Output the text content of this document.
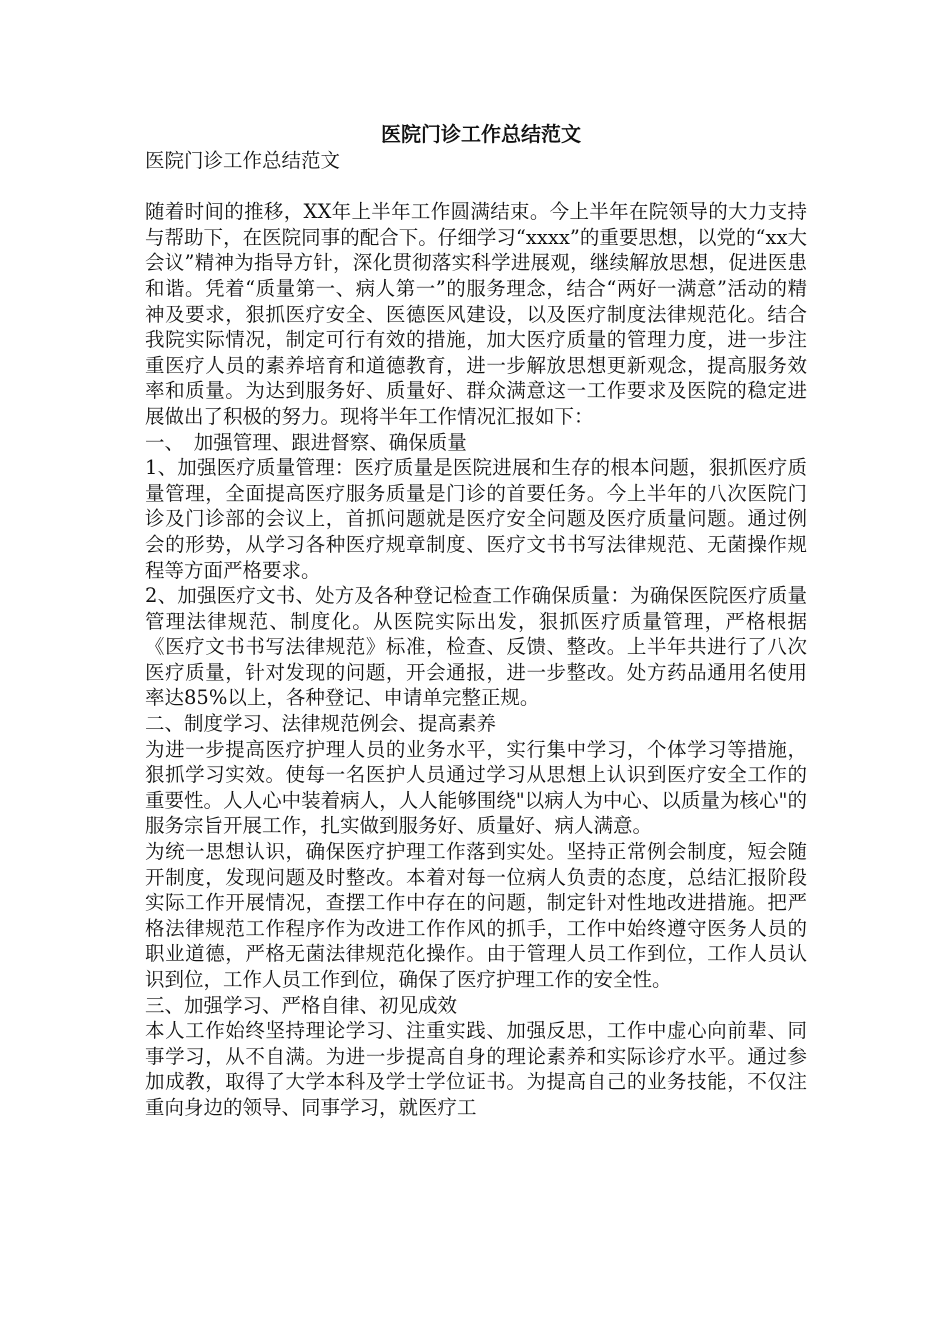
医院门诊工作总结范文

医院门诊工作总结范文

随着时间的推移，XX年上半年工作圆满结束。今上半年在院领导的大力支持与帮助下，在医院同事的配合下。仔细学习“xxxx”的重要思想，以党的“xx大会议”精神为指导方针，深化贯彻落实科学进展观，继续解放思想，促进医患和谐。凭着“质量第一、病人第一”的服务理念，结合“两好一满意”活动的精神及要求，狠抓医疗安全、医德医风建设，以及医疗制度法律规范化。结合我院实际情况，制定可行有效的措施，加大医疗质量的管理力度，进一步注重医疗人员的素养培育和道德教育，进一步解放思想更新观念，提高服务效率和质量。为达到服务好、质量好、群众满意这一工作要求及医院的稳定进展做出了积极的努力。现将半年工作情况汇报如下：

一、　加强管理、跟进督察、确保质量

1、加强医疗质量管理：医疗质量是医院进展和生存的根本问题，狠抓医疗质量管理，全面提高医疗服务质量是门诊的首要任务。今上半年的八次医院门诊及门诊部的会议上，首抓问题就是医疗安全问题及医疗质量问题。通过例会的形势，从学习各种医疗规章制度、医疗文书书写法律规范、无菌操作规程等方面严格要求。

2、加强医疗文书、处方及各种登记检查工作确保质量：为确保医院医疗质量管理法律规范、制度化。从医院实际出发，狠抓医疗质量管理，严格根据《医疗文书书写法律规范》标准，检查、反馈、整改。上半年共进行了八次医疗质量，针对发现的问题，开会通报，进一步整改。处方药品通用名使用率达85%以上，各种登记、申请单完整正规。

二、制度学习、法律规范例会、提高素养

为进一步提高医疗护理人员的业务水平，实行集中学习，个体学习等措施，狠抓学习实效。使每一名医护人员通过学习从思想上认识到医疗安全工作的重要性。人人心中装着病人，人人能够围绕"以病人为中心、以质量为核心"的服务宗旨开展工作，扎实做到服务好、质量好、病人满意。

为统一思想认识，确保医疗护理工作落到实处。坚持正常例会制度，短会随开制度，发现问题及时整改。本着对每一位病人负责的态度，总结汇报阶段实际工作开展情况，查摆工作中存在的问题，制定针对性地改进措施。把严格法律规范工作程序作为改进工作作风的抓手，工作中始终遵守医务人员的职业道德，严格无菌法律规范化操作。由于管理人员工作到位，工作人员认识到位，工作人员工作到位，确保了医疗护理工作的安全性。

三、加强学习、严格自律、初见成效

本人工作始终坚持理论学习、注重实践、加强反思，工作中虚心向前辈、同事学习，从不自满。为进一步提高自身的理论素养和实际诊疗水平。通过参加成教，取得了大学本科及学士学位证书。为提高自己的业务技能，不仅注重向身边的领导、同事学习，就医疗工
